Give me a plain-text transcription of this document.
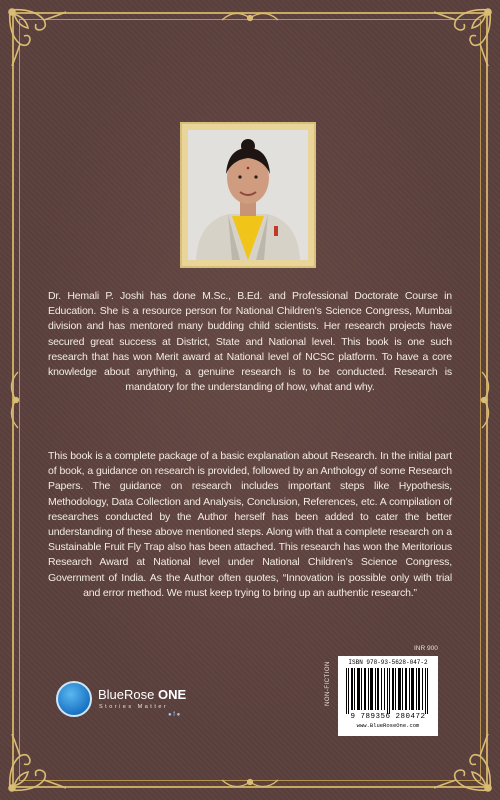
Dr. Hemali P. Joshi has done M.Sc., B.Ed. and Professional Doctorate Course in Education. She is a resource person for National Children's Science Congress, Mumbai division and has mentored many budding child scientists. Her research projects have secured great success at District, State and National level. This book is one such research that has won Merit award at National level of NCSC platform. To have a core knowledge about anything, a genuine research is to be conducted. Research is mandatory for the understanding of how, what and why.
This book is a complete package of a basic explanation about Research. In the initial part of book, a guidance on research is provided, followed by an Anthology of some Research Papers. The guidance on research includes important steps like Hypothesis, Methodology, Data Collection and Analysis, Conclusion, References, etc. A compilation of researches conducted by the Author herself has been added to cater the better understanding of these above mentioned steps. Along with that a complete research on a Sustainable Fruit Fly Trap also has been attached. This research has won the Meritorious Research Award at National level under National Children's Science Congress, Government of India. As the Author often quotes, “Innovation is possible only with trial and error method. We must keep trying to bring up an authentic research.”
INR 900
NON-FICTION	ISBN 978-93-5628-047-2
9 789356 280472
www.BlueRoseOne.com
BlueRose ONE
Stories Matter
● f ●
